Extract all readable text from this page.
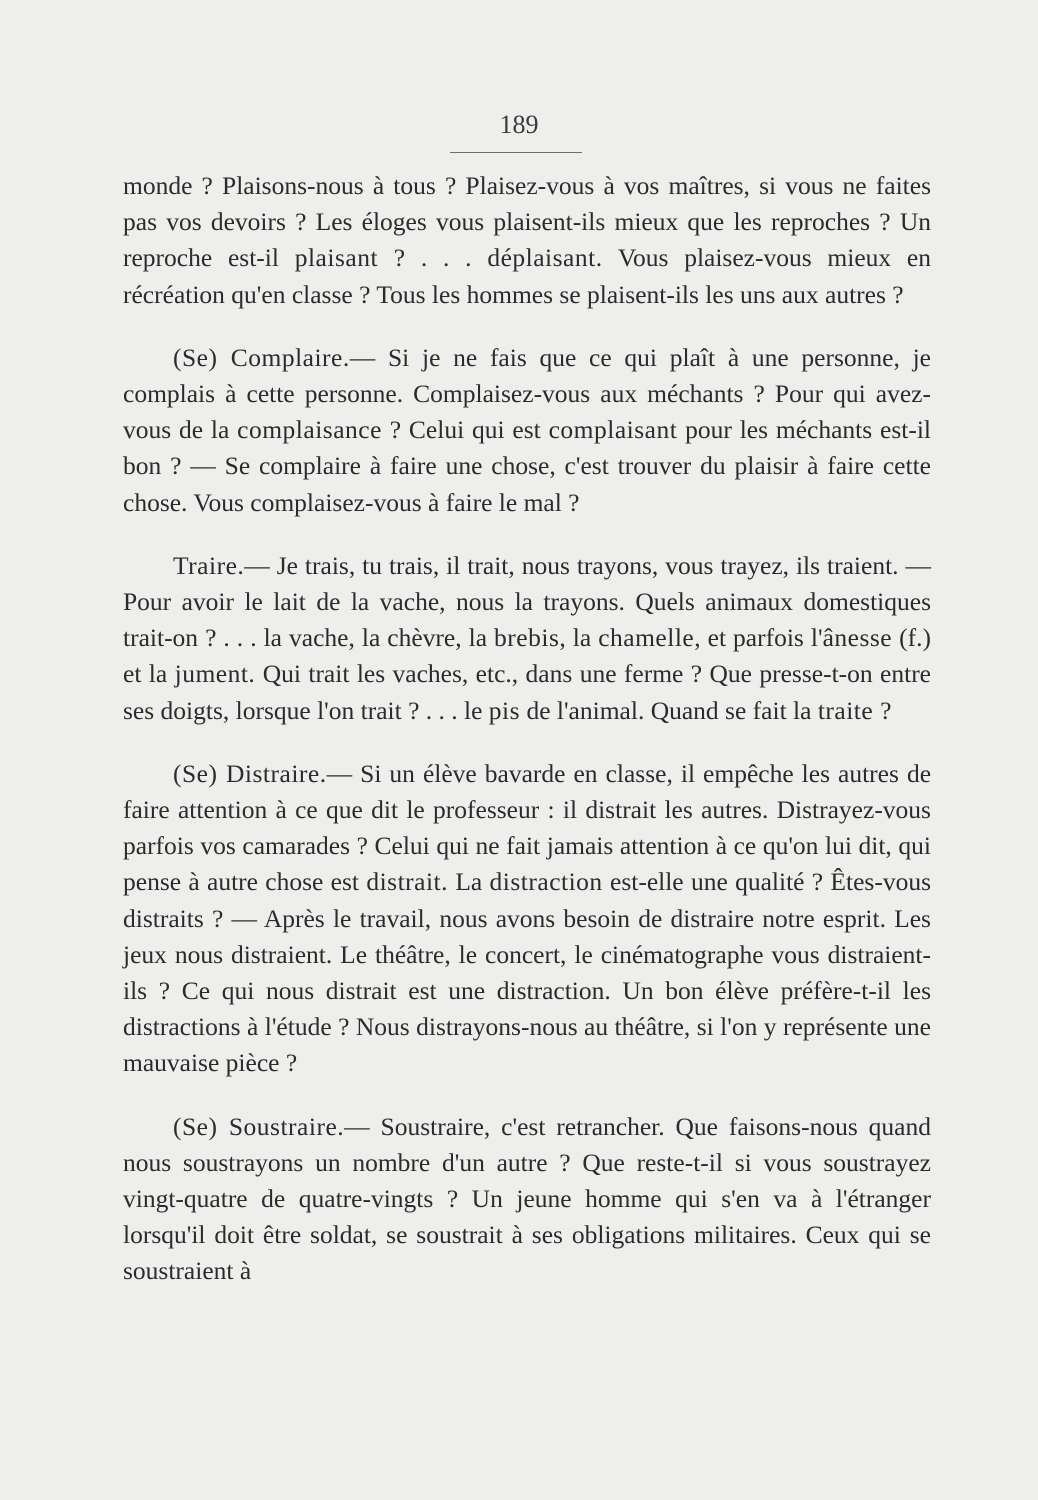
189

monde ? Plaisons-nous à tous ? Plaisez-vous à vos maîtres, si vous ne faites pas vos devoirs ? Les éloges vous plaisent-ils mieux que les reproches ? Un reproche est-il plaisant ? . . . déplaisant. Vous plaisez-vous mieux en récréation qu'en classe ? Tous les hommes se plaisent-ils les uns aux autres ?

(Se) Complaire.— Si je ne fais que ce qui plaît à une personne, je complais à cette personne. Complaisez-vous aux méchants ? Pour qui avez-vous de la complaisance ? Celui qui est complaisant pour les méchants est-il bon ? — Se complaire à faire une chose, c'est trouver du plaisir à faire cette chose. Vous complaisez-vous à faire le mal ?

Traire.— Je trais, tu trais, il trait, nous trayons, vous trayez, ils traient. — Pour avoir le lait de la vache, nous la trayons. Quels animaux domestiques trait-on ? . . . la vache, la chèvre, la brebis, la chamelle, et parfois l'ânesse (f.) et la jument. Qui trait les vaches, etc., dans une ferme ? Que presse-t-on entre ses doigts, lorsque l'on trait ? . . . le pis de l'animal. Quand se fait la traite ?

(Se) Distraire.— Si un élève bavarde en classe, il empêche les autres de faire attention à ce que dit le professeur : il distrait les autres. Distrayez-vous parfois vos camarades ? Celui qui ne fait jamais attention à ce qu'on lui dit, qui pense à autre chose est distrait. La distraction est-elle une qualité ? Êtes-vous distraits ? — Après le travail, nous avons besoin de distraire notre esprit. Les jeux nous distraient. Le théâtre, le concert, le cinématographe vous distraient-ils ? Ce qui nous distrait est une distraction. Un bon élève préfère-t-il les distractions à l'étude ? Nous distrayons-nous au théâtre, si l'on y représente une mauvaise pièce ?

(Se) Soustraire.— Soustraire, c'est retrancher. Que faisons-nous quand nous soustrayons un nombre d'un autre ? Que reste-t-il si vous soustrayez vingt-quatre de quatre-vingts ? Un jeune homme qui s'en va à l'étranger lorsqu'il doit être soldat, se soustrait à ses obligations militaires. Ceux qui se soustraient à
